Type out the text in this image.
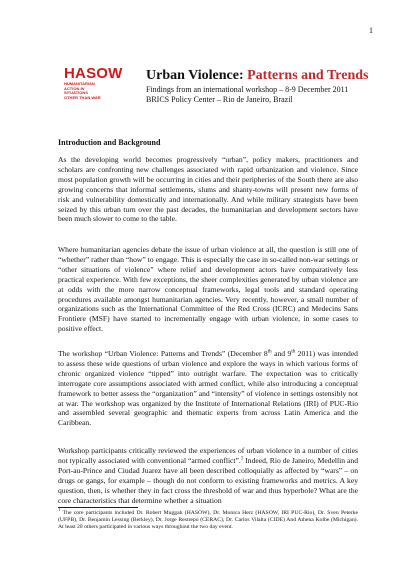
1
HASOW
HUMANITARIAN
ACTION IN
SITUATIONS
OTHER THAN WAR
Urban Violence: Patterns and Trends
Findings from an international workshop – 8-9 December 2011
BRICS Policy Center – Rio de Janeiro, Brazil
Introduction and Background
As the developing world becomes progressively “urban”, policy makers, practitioners and scholars are confronting new challenges associated with rapid urbanization and violence. Since most population growth will be occurring in cities and their peripheries of the South there are also growing concerns that informal settlements, slums and shanty-towns will present new forms of risk and vulnerability domestically and internationally. And while military strategists have been seized by this urban turn over the past decades, the humanitarian and development sectors have been much slower to come to the table.
Where humanitarian agencies debate the issue of urban violence at all, the question is still one of “whether” rather than “how” to engage. This is especially the case in so-called non-war settings or “other situations of violence” where relief and development actors have comparatively less practical experience. With few exceptions, the sheer complexities generated by urban violence are at odds with the more narrow conceptual frameworks, legal tools and standard operating procedures available amongst humanitarian agencies. Very recently, however, a small number of organizations such as the International Committee of the Red Cross (ICRC) and Medecins Sans Frontiere (MSF) have started to incrementally engage with urban violence, in some cases to positive effect.
The workshop “Urban Violence: Patterns and Trends” (December 8th and 9th 2011) was intended to assess these wide questions of urban violence and explore the ways in which various forms of chronic organized violence “tipped” into outright warfare. The expectation was to critically interrogate core assumptions associated with armed conflict, while also introducing a conceptual framework to better assess the “organization” and “intensity” of violence in settings ostensibly not at war. The workshop was organized by the Institute of International Relations (IRI) of PUC-Rio and assembled several geographic and thematic experts from across Latin America and the Caribbean.
Workshop participants critically reviewed the experiences of urban violence in a number of cities not typically associated with conventional “armed conflict”.$^1$ Indeed, Rio de Janeiro, Medellin and Port-au-Prince and Ciudad Juarez have all been described colloquially as affected by “wars” – on drugs or gangs, for example – though do not conform to existing frameworks and metrics. A key question, then, is whether they in fact cross the threshold of war and thus hyperbole? What are the core characteristics that determine whether a situation
$^1$ The core participants included Dr. Robert Muggah (HASOW), Dr. Monica Herz (HASOW, IRI PUC-Rio), Dr. Sven Peterke (UFPB), Dr. Benjamin Lessing (Berkley), Dr. Jorge Restrepo (CERAC), Dr. Carlos Vilalta (CIDE) And Athena Kolbe (Michigan). At least 20 others participated in various ways throughout the two day event.
